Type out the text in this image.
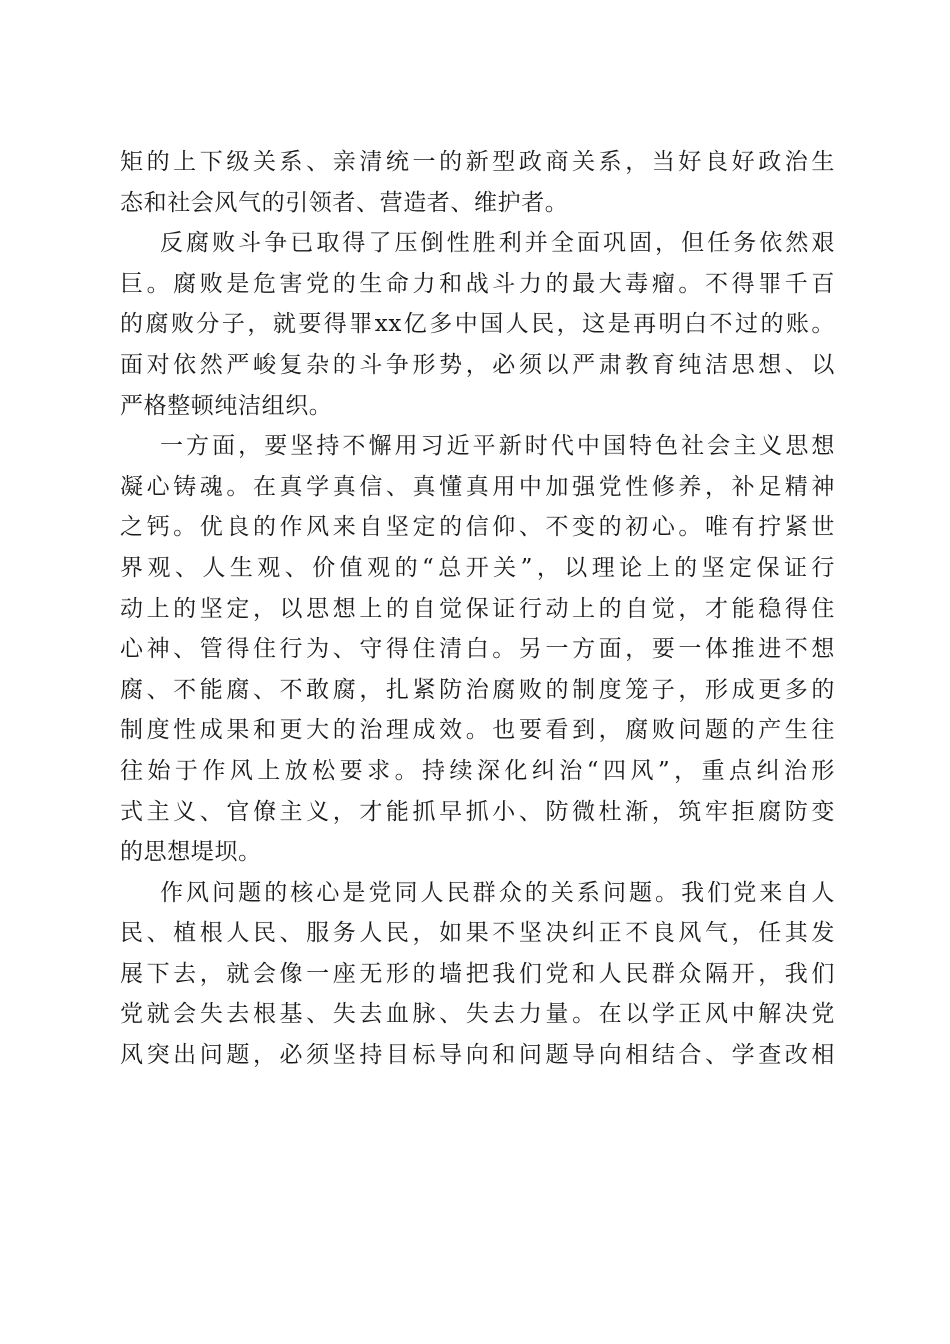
矩的上下级关系、亲清统一的新型政商关系，当好良好政治生
态和社会风气的引领者、营造者、维护者。
反腐败斗争已取得了压倒性胜利并全面巩固，但任务依然艰
巨。腐败是危害党的生命力和战斗力的最大毒瘤。不得罪千百
的腐败分子，就要得罪xx亿多中国人民，这是再明白不过的账。
面对依然严峻复杂的斗争形势，必须以严肃教育纯洁思想、以
严格整顿纯洁组织。
一方面，要坚持不懈用习近平新时代中国特色社会主义思想
凝心铸魂。在真学真信、真懂真用中加强党性修养，补足精神
之钙。优良的作风来自坚定的信仰、不变的初心。唯有拧紧世
界观、人生观、价值观的“总开关”，以理论上的坚定保证行
动上的坚定，以思想上的自觉保证行动上的自觉，才能稳得住
心神、管得住行为、守得住清白。另一方面，要一体推进不想
腐、不能腐、不敢腐，扎紧防治腐败的制度笼子，形成更多的
制度性成果和更大的治理成效。也要看到，腐败问题的产生往
往始于作风上放松要求。持续深化纠治“四风”，重点纠治形
式主义、官僚主义，才能抓早抓小、防微杜渐，筑牢拒腐防变
的思想堤坝。
作风问题的核心是党同人民群众的关系问题。我们党来自人
民、植根人民、服务人民，如果不坚决纠正不良风气，任其发
展下去，就会像一座无形的墙把我们党和人民群众隔开，我们
党就会失去根基、失去血脉、失去力量。在以学正风中解决党
风突出问题，必须坚持目标导向和问题导向相结合、学查改相
